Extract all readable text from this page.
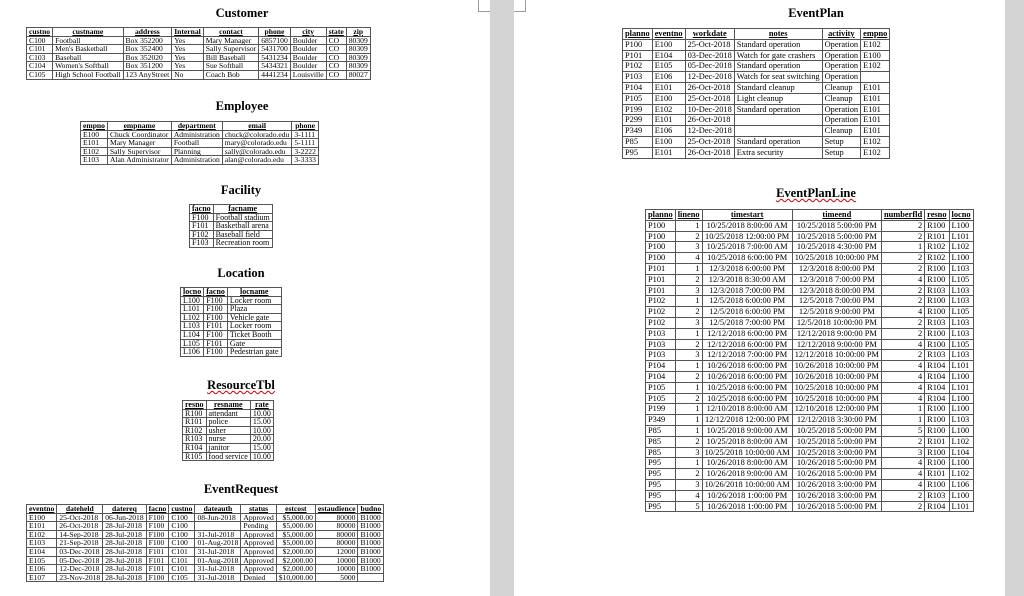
Customer
custno	custname	address	Internal	contact	phone	city	state	zip
C100	Football	Box 352200	Yes	Mary Manager	6857100	Boulder	CO	80309
C101	Men's Basketball	Box 352400	Yes	Sally Supervisor	5431700	Boulder	CO	80309
C103	Baseball	Box 352020	Yes	Bill Baseball	5431234	Boulder	CO	80309
C104	Women's Softball	Box 351200	Yes	Sue Softball	5434321	Boulder	CO	80309
C105	High School Football	123 AnyStreet	No	Coach Bob	4441234	Louisville	CO	80027
Employee
empno	empname	department	email	phone
E100	Chuck Coordinator	Administration	chuck@colorado.edu	3-1111
E101	Mary Manager	Football	mary@colorado.edu	5-1111
E102	Sally Supervisor	Planning	sally@colorado.edu	3-2222
E103	Alan Administrator	Administration	alan@colorado.edu	3-3333
Facility
facno	facname
F100	Football stadium
F101	Basketball arena
F102	Baseball field
F103	Recreation room
Location
locno	facno	locname
L100	F100	Locker room
L101	F100	Plaza
L102	F100	Vehicle gate
L103	F101	Locker room
L104	F100	Ticket Booth
L105	F101	Gate
L106	F100	Pedestrian gate
ResourceTbl
resno	resname	rate
R100	attendant	10.00
R101	police	15.00
R102	usher	10.00
R103	nurse	20.00
R104	janitor	15.00
R105	food service	10.00
EventRequest
eventno	dateheld	datereq	facno	custno	dateauth	status	estcost	estaudience	budno
E100	25-Oct-2018	06-Jun-2018	F100	C100	08-Jun-2018	Approved	$5,000.00	80000	B1000
E101	26-Oct-2018	28-Jul-2018	F100	C100		Pending	$5,000.00	80000	B1000
E102	14-Sep-2018	28-Jul-2018	F100	C100	31-Jul-2018	Approved	$5,000.00	80000	B1000
E103	21-Sep-2018	28-Jul-2018	F100	C100	01-Aug-2018	Approved	$5,000.00	80000	B1000
E104	03-Dec-2018	28-Jul-2018	F101	C101	31-Jul-2018	Approved	$2,000.00	12000	B1000
E105	05-Dec-2018	28-Jul-2018	F101	C101	01-Aug-2018	Approved	$2,000.00	10000	B1000
E106	12-Dec-2018	28-Jul-2018	F101	C101	31-Jul-2018	Approved	$2,000.00	10000	B1000
E107	23-Nov-2018	28-Jul-2018	F100	C105	31-Jul-2018	Denied	$10,000.00	5000	
EventPlan
planno	eventno	workdate	notes	activity	empno
P100	E100	25-Oct-2018	Standard operation	Operation	E102
P101	E104	03-Dec-2018	Watch for gate crashers	Operation	E100
P102	E105	05-Dec-2018	Standard operation	Operation	E102
P103	E106	12-Dec-2018	Watch for seat switching	Operation	
P104	E101	26-Oct-2018	Standard cleanup	Cleanup	E101
P105	E100	25-Oct-2018	Light cleanup	Cleanup	E101
P199	E102	10-Dec-2018	Standard operation	Operation	E101
P299	E101	26-Oct-2018		Operation	E101
P349	E106	12-Dec-2018		Cleanup	E101
P85	E100	25-Oct-2018	Standard operation	Setup	E102
P95	E101	26-Oct-2018	Extra security	Setup	E102
EventPlanLine
planno	lineno	timestart	timeend	numberfld	resno	locno
P100	1	10/25/2018 8:00:00 AM	10/25/2018 5:00:00 PM	2	R100	L100
P100	2	10/25/2018 12:00:00 PM	10/25/2018 5:00:00 PM	2	R101	L101
P100	3	10/25/2018 7:00:00 AM	10/25/2018 4:30:00 PM	1	R102	L102
P100	4	10/25/2018 6:00:00 PM	10/25/2018 10:00:00 PM	2	R102	L100
P101	1	12/3/2018 6:00:00 PM	12/3/2018 8:00:00 PM	2	R100	L103
P101	2	12/3/2018 8:30:00 AM	12/3/2018 7:00:00 PM	4	R100	L105
P101	3	12/3/2018 7:00:00 PM	12/3/2018 8:00:00 PM	2	R103	L103
P102	1	12/5/2018 6:00:00 PM	12/5/2018 7:00:00 PM	2	R100	L103
P102	2	12/5/2018 6:00:00 PM	12/5/2018 9:00:00 PM	4	R100	L105
P102	3	12/5/2018 7:00:00 PM	12/5/2018 10:00:00 PM	2	R103	L103
P103	1	12/12/2018 6:00:00 PM	12/12/2018 9:00:00 PM	2	R100	L103
P103	2	12/12/2018 6:00:00 PM	12/12/2018 9:00:00 PM	4	R100	L105
P103	3	12/12/2018 7:00:00 PM	12/12/2018 10:00:00 PM	2	R103	L103
P104	1	10/26/2018 6:00:00 PM	10/26/2018 10:00:00 PM	4	R104	L101
P104	2	10/26/2018 6:00:00 PM	10/26/2018 10:00:00 PM	4	R104	L100
P105	1	10/25/2018 6:00:00 PM	10/25/2018 10:00:00 PM	4	R104	L101
P105	2	10/25/2018 6:00:00 PM	10/25/2018 10:00:00 PM	4	R104	L100
P199	1	12/10/2018 8:00:00 AM	12/10/2018 12:00:00 PM	1	R100	L100
P349	1	12/12/2018 12:00:00 PM	12/12/2018 3:30:00 PM	1	R100	L103
P85	1	10/25/2018 9:00:00 AM	10/25/2018 5:00:00 PM	5	R100	L100
P85	2	10/25/2018 8:00:00 AM	10/25/2018 5:00:00 PM	2	R101	L102
P85	3	10/25/2018 10:00:00 AM	10/25/2018 3:00:00 PM	3	R100	L104
P95	1	10/26/2018 8:00:00 AM	10/26/2018 5:00:00 PM	4	R100	L100
P95	2	10/26/2018 9:00:00 AM	10/26/2018 5:00:00 PM	4	R101	L102
P95	3	10/26/2018 10:00:00 AM	10/26/2018 3:00:00 PM	4	R100	L106
P95	4	10/26/2018 1:00:00 PM	10/26/2018 3:00:00 PM	2	R103	L100
P95	5	10/26/2018 1:00:00 PM	10/26/2018 5:00:00 PM	2	R104	L101
